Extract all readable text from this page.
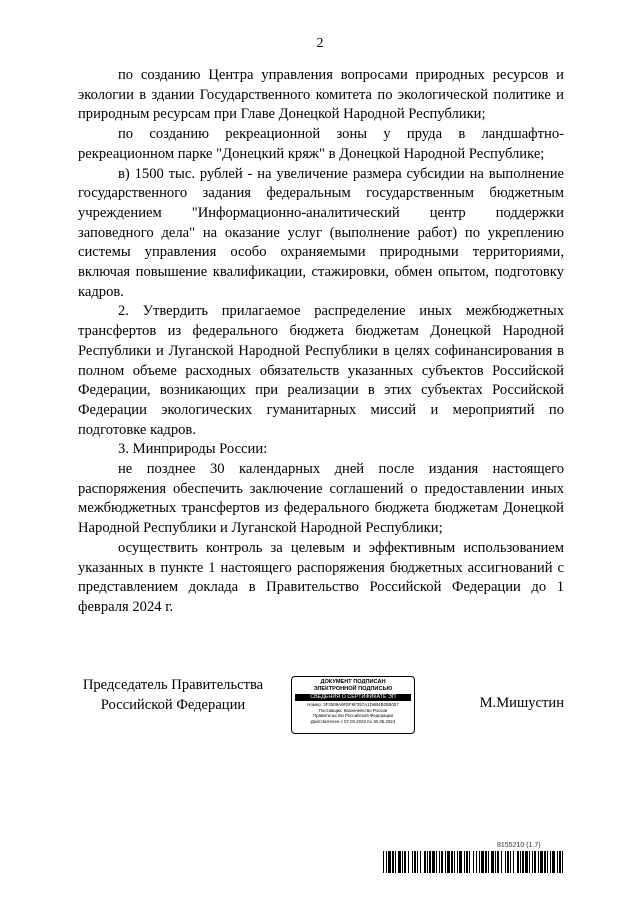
2

по созданию Центра управления вопросами природных ресурсов и экологии в здании Государственного комитета по экологической политике и природным ресурсам при Главе Донецкой Народной Республики;

по созданию рекреационной зоны у пруда в ландшафтно-рекреационном парке "Донецкий кряж" в Донецкой Народной Республике;

в) 1500 тыс. рублей - на увеличение размера субсидии на выполнение государственного задания федеральным государственным бюджетным учреждением "Информационно-аналитический центр поддержки заповедного дела" на оказание услуг (выполнение работ) по укреплению системы управления особо охраняемыми природными территориями, включая повышение квалификации, стажировки, обмен опытом, подготовку кадров.

2. Утвердить прилагаемое распределение иных межбюджетных трансфертов из федерального бюджета бюджетам Донецкой Народной Республики и Луганской Народной Республики в целях софинансирования в полном объеме расходных обязательств указанных субъектов Российской Федерации, возникающих при реализации в этих субъектах Российской Федерации экологических гуманитарных миссий и мероприятий по подготовке кадров.

3. Минприроды России:

не позднее 30 календарных дней после издания настоящего распоряжения обеспечить заключение соглашений о предоставлении иных межбюджетных трансфертов из федерального бюджета бюджетам Донецкой Народной Республики и Луганской Народной Республики;

осуществить контроль за целевым и эффективным использованием указанных в пункте 1 настоящего распоряжения бюджетных ассигнований с представлением доклада в Правительство Российской Федерации до 1 февраля 2024 г.

Председатель Правительства
Российской Федерации
ДОКУМЕНТ ПОДПИСАН
ЭЛЕКТРОННОЙ ПОДПИСЬЮ
СВЕДЕНИЯ О СЕРТИФИКАТЕ ЭП
Номер: 3F2509A9FEF6F357A1D6B4B2B5007
Поставщик: Казначейство России
Правительство Российской Федерации
Действителен с 07.03.2023 по 30.05.2024
М.Мишустин
8155210 (1.7)
